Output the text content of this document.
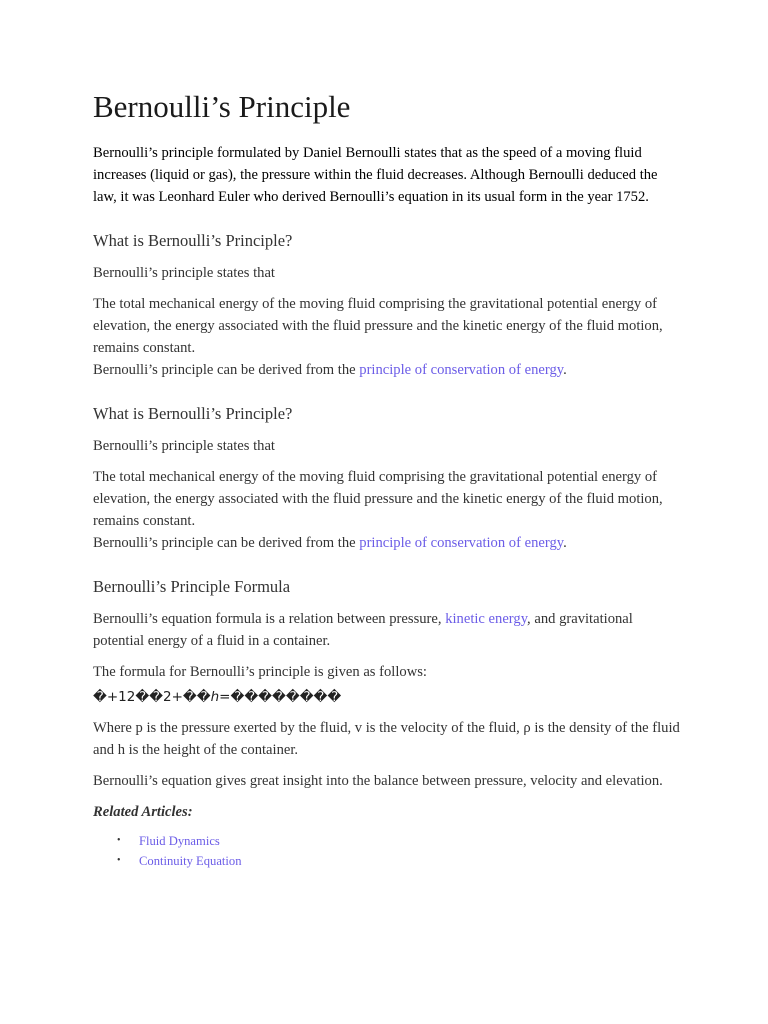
Bernoulli’s Principle

Bernoulli’s principle formulated by Daniel Bernoulli states that as the speed of a moving fluid increases (liquid or gas), the pressure within the fluid decreases. Although Bernoulli deduced the law, it was Leonhard Euler who derived Bernoulli’s equation in its usual form in the year 1752.

What is Bernoulli’s Principle?

Bernoulli’s principle states that

The total mechanical energy of the moving fluid comprising the gravitational potential energy of elevation, the energy associated with the fluid pressure and the kinetic energy of the fluid motion, remains constant.

Bernoulli’s principle can be derived from the principle of conservation of energy.

What is Bernoulli’s Principle?

Bernoulli’s principle states that

The total mechanical energy of the moving fluid comprising the gravitational potential energy of elevation, the energy associated with the fluid pressure and the kinetic energy of the fluid motion, remains constant.

Bernoulli’s principle can be derived from the principle of conservation of energy.

Bernoulli’s Principle Formula

Bernoulli’s equation formula is a relation between pressure, kinetic energy, and gravitational potential energy of a fluid in a container.

The formula for Bernoulli’s principle is given as follows:

�+12��2+��h=��������

Where p is the pressure exerted by the fluid, v is the velocity of the fluid, ρ is the density of the fluid and h is the height of the container.

Bernoulli’s equation gives great insight into the balance between pressure, velocity and elevation.

Related Articles:

• Fluid Dynamics
• Continuity Equation
